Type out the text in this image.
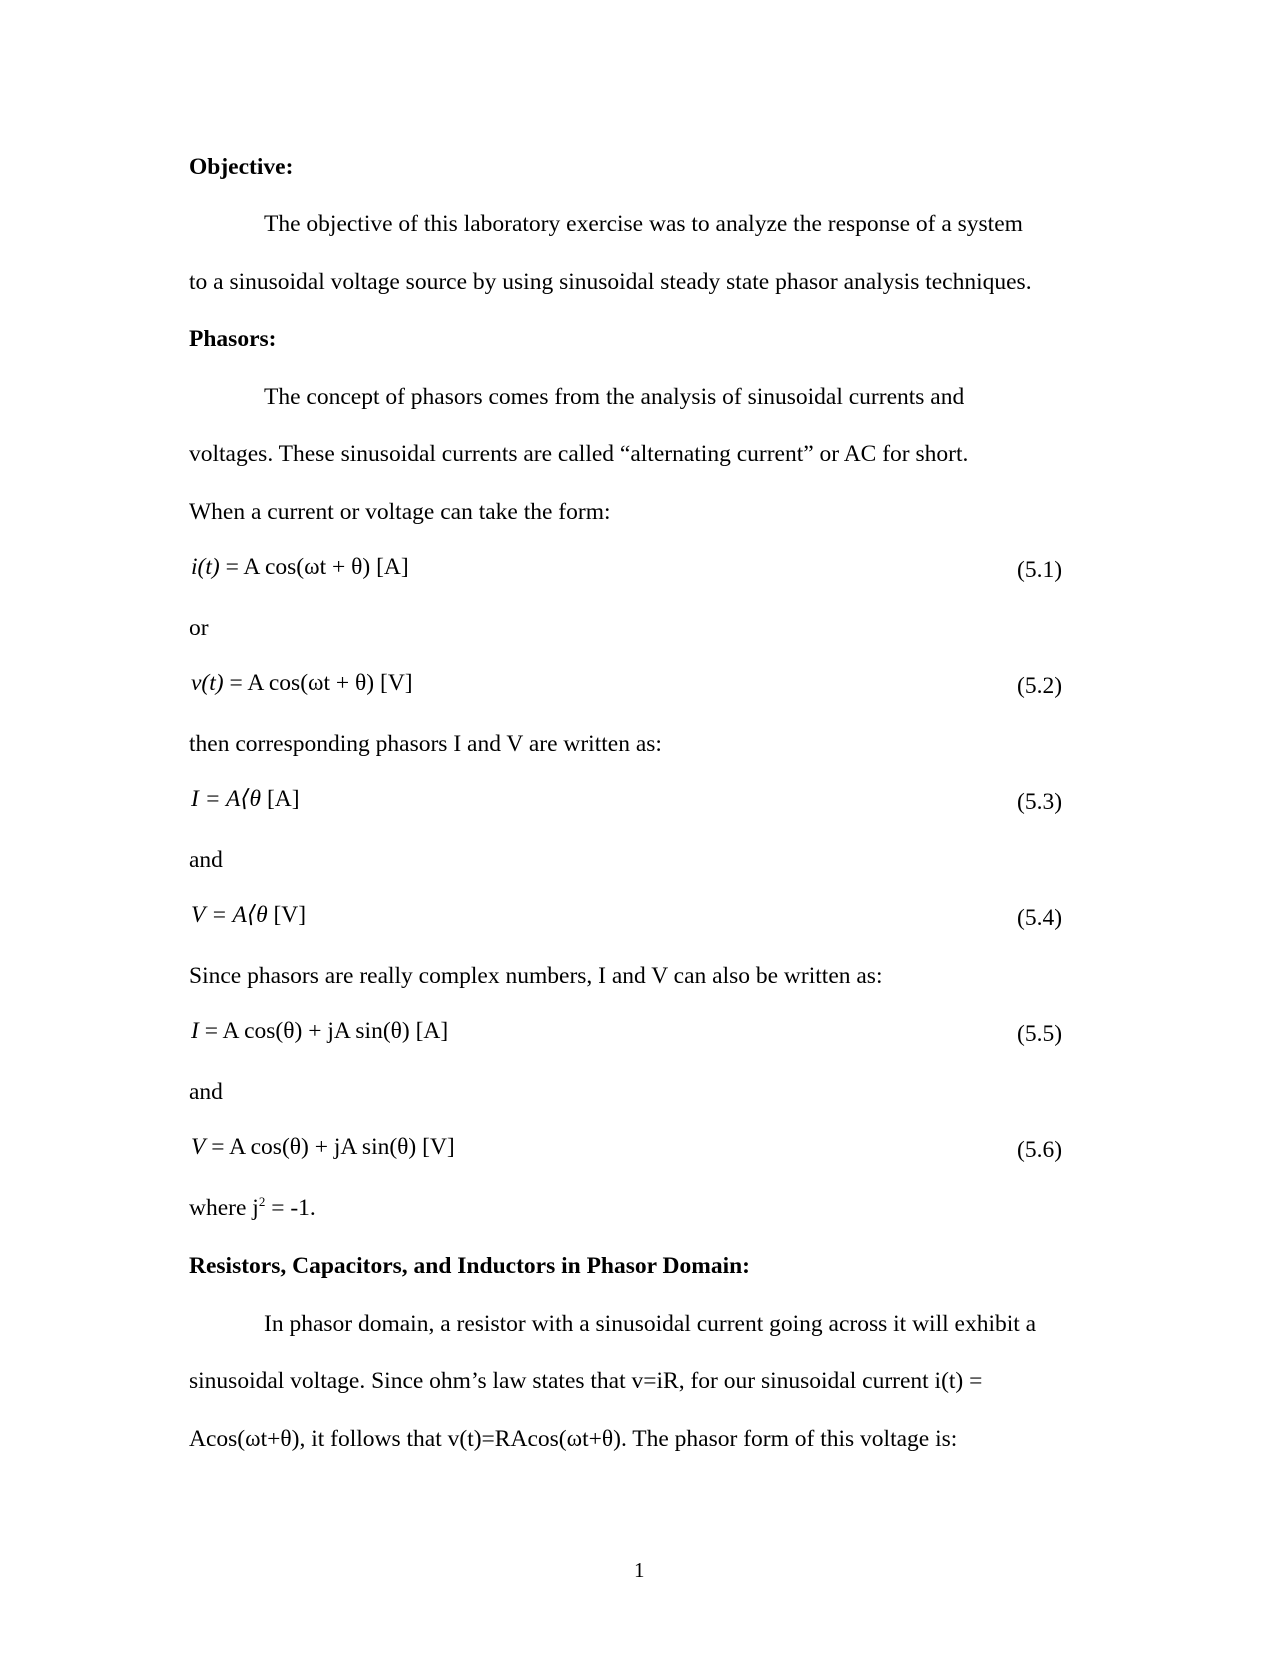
Objective:
The objective of this laboratory exercise was to analyze the response of a system
to a sinusoidal voltage source by using sinusoidal steady state phasor analysis techniques.
Phasors:
The concept of phasors comes from the analysis of sinusoidal currents and
voltages. These sinusoidal currents are called “alternating current” or AC for short.
When a current or voltage can take the form:
i(t) = A cos(ωt + θ) [A]	(5.1)
or
v(t) = A cos(ωt + θ) [V]	(5.2)
then corresponding phasors I and V are written as:
I = A⟨θ [A]	(5.3)
and
V = A⟨θ [V]	(5.4)
Since phasors are really complex numbers, I and V can also be written as:
I = A cos(θ) + jA sin(θ) [A]	(5.5)
and
V = A cos(θ) + jA sin(θ) [V]	(5.6)
where $j^2 = -1$.
Resistors, Capacitors, and Inductors in Phasor Domain:
In phasor domain, a resistor with a sinusoidal current going across it will exhibit a
sinusoidal voltage. Since ohm’s law states that v=iR, for our sinusoidal current i(t) =
Acos(ωt+θ), it follows that v(t)=RAcos(ωt+θ). The phasor form of this voltage is:
1
